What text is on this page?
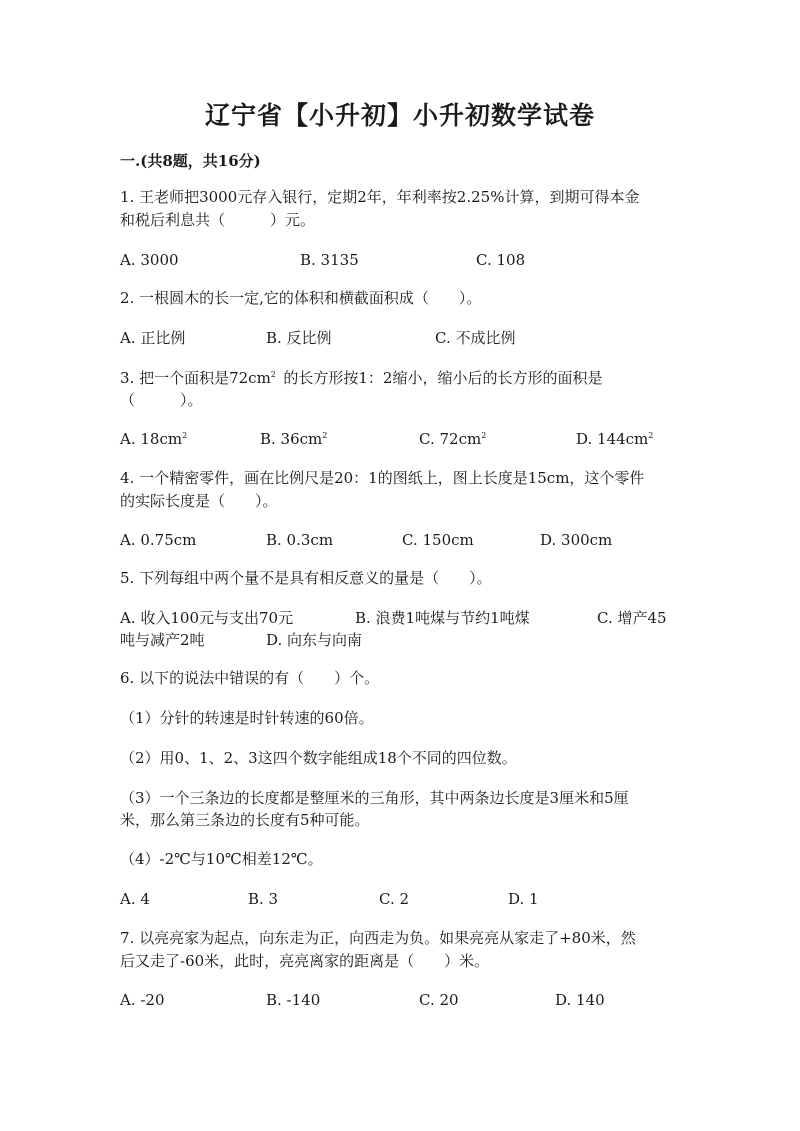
辽宁省【小升初】小升初数学试卷
一.(共8题，共16分)
1. 王老师把3000元存入银行，定期2年，年利率按2.25%计算，到期可得本金
和税后利息共（　　　）元。
A. 3000	B. 3135	C. 108
2. 一根圆木的长一定,它的体积和横截面积成（　　）。
A. 正比例	B. 反比例	C. 不成比例
3. 把一个面积是$72cm^2$  的长方形按1：2缩小，缩小后的长方形的面积是
（　　　）。
A. $18cm^2$	B. $36cm^2$	C. $72cm^2$	D. $144cm^2$
4. 一个精密零件，画在比例尺是20：1的图纸上，图上长度是15cm，这个零件
的实际长度是（　　）。
A. 0.75cm	B. 0.3cm	C. 150cm	D. 300cm
5. 下列每组中两个量不是具有相反意义的量是（　　）。
A. 收入100元与支出70元	B. 浪费1吨煤与节约1吨煤	C. 增产45
吨与减产2吨	D. 向东与向南
6. 以下的说法中错误的有（　　）个。
（1）分针的转速是时针转速的60倍。
（2）用0、1、2、3这四个数字能组成18个不同的四位数。
（3）一个三条边的长度都是整厘米的三角形，其中两条边长度是3厘米和5厘
米，那么第三条边的长度有5种可能。
（4）-2℃与10℃相差12℃。
A. 4	B. 3	C. 2	D. 1
7. 以亮亮家为起点，向东走为正，向西走为负。如果亮亮从家走了+80米，然
后又走了-60米，此时，亮亮离家的距离是（　　）米。
A. -20	B. -140	C. 20	D. 140
